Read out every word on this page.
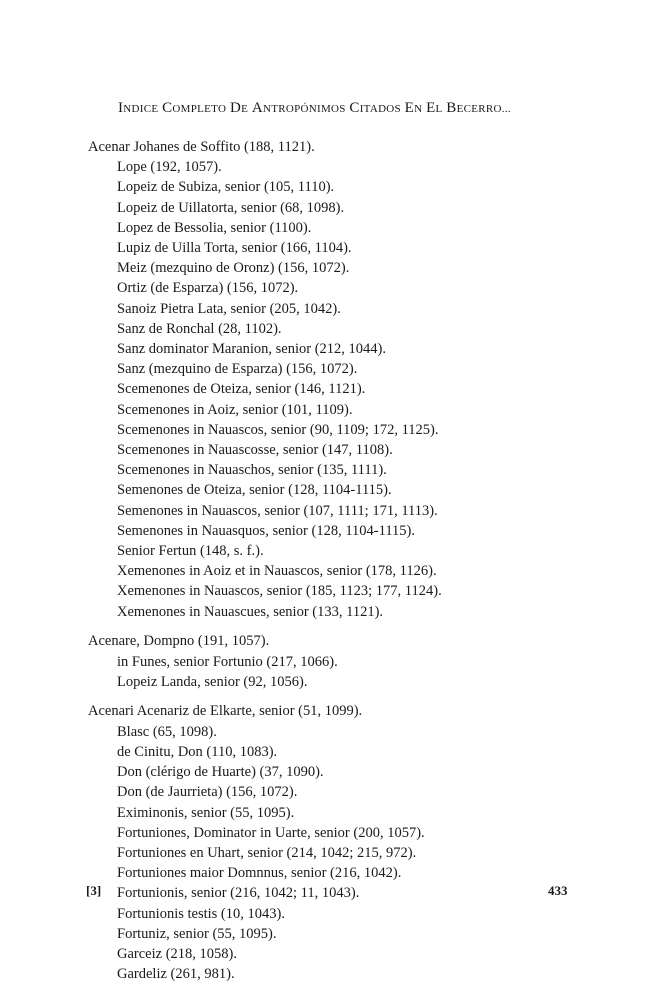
INDICE COMPLETO DE ANTROPÓNIMOS CITADOS EN EL BECERRO...
Acenar Johanes de Soffito (188, 1121).
Lope (192, 1057).
Lopeiz de Subiza, senior (105, 1110).
Lopeiz de Uillatorta, senior (68, 1098).
Lopez de Bessolia, senior (1100).
Lupiz de Uilla Torta, senior (166, 1104).
Meiz (mezquino de Oronz) (156, 1072).
Ortiz (de Esparza) (156, 1072).
Sanoiz Pietra Lata, senior (205, 1042).
Sanz de Ronchal (28, 1102).
Sanz dominator Maranion, senior (212, 1044).
Sanz (mezquino de Esparza) (156, 1072).
Scemenones de Oteiza, senior (146, 1121).
Scemenones in Aoiz, senior (101, 1109).
Scemenones in Nauascos, senior (90, 1109; 172, 1125).
Scemenones in Nauascosse, senior (147, 1108).
Scemenones in Nauaschos, senior (135, 1111).
Semenones de Oteiza, senior (128, 1104-1115).
Semenones in Nauascos, senior (107, 1111; 171, 1113).
Semenones in Nauasquos, senior (128, 1104-1115).
Senior Fertun (148, s. f.).
Xemenones in Aoiz et in Nauascos, senior (178, 1126).
Xemenones in Nauascos, senior (185, 1123; 177, 1124).
Xemenones in Nauascues, senior (133, 1121).
Acenare, Dompno (191, 1057).
in Funes, senior Fortunio (217, 1066).
Lopeiz Landa, senior (92, 1056).
Acenari Acenariz de Elkarte, senior (51, 1099).
Blasc (65, 1098).
de Cinitu, Don (110, 1083).
Don (clérigo de Huarte) (37, 1090).
Don (de Jaurrieta) (156, 1072).
Eximinonis, senior (55, 1095).
Fortuniones, Dominator in Uarte, senior (200, 1057).
Fortuniones en Uhart, senior (214, 1042; 215, 972).
Fortuniones maior Domnnus, senior (216, 1042).
Fortunionis, senior (216, 1042; 11, 1043).
Fortunionis testis (10, 1043).
Fortuniz, senior (55, 1095).
Garceiz (218, 1058).
Gardeliz (261, 981).
[3]	433
